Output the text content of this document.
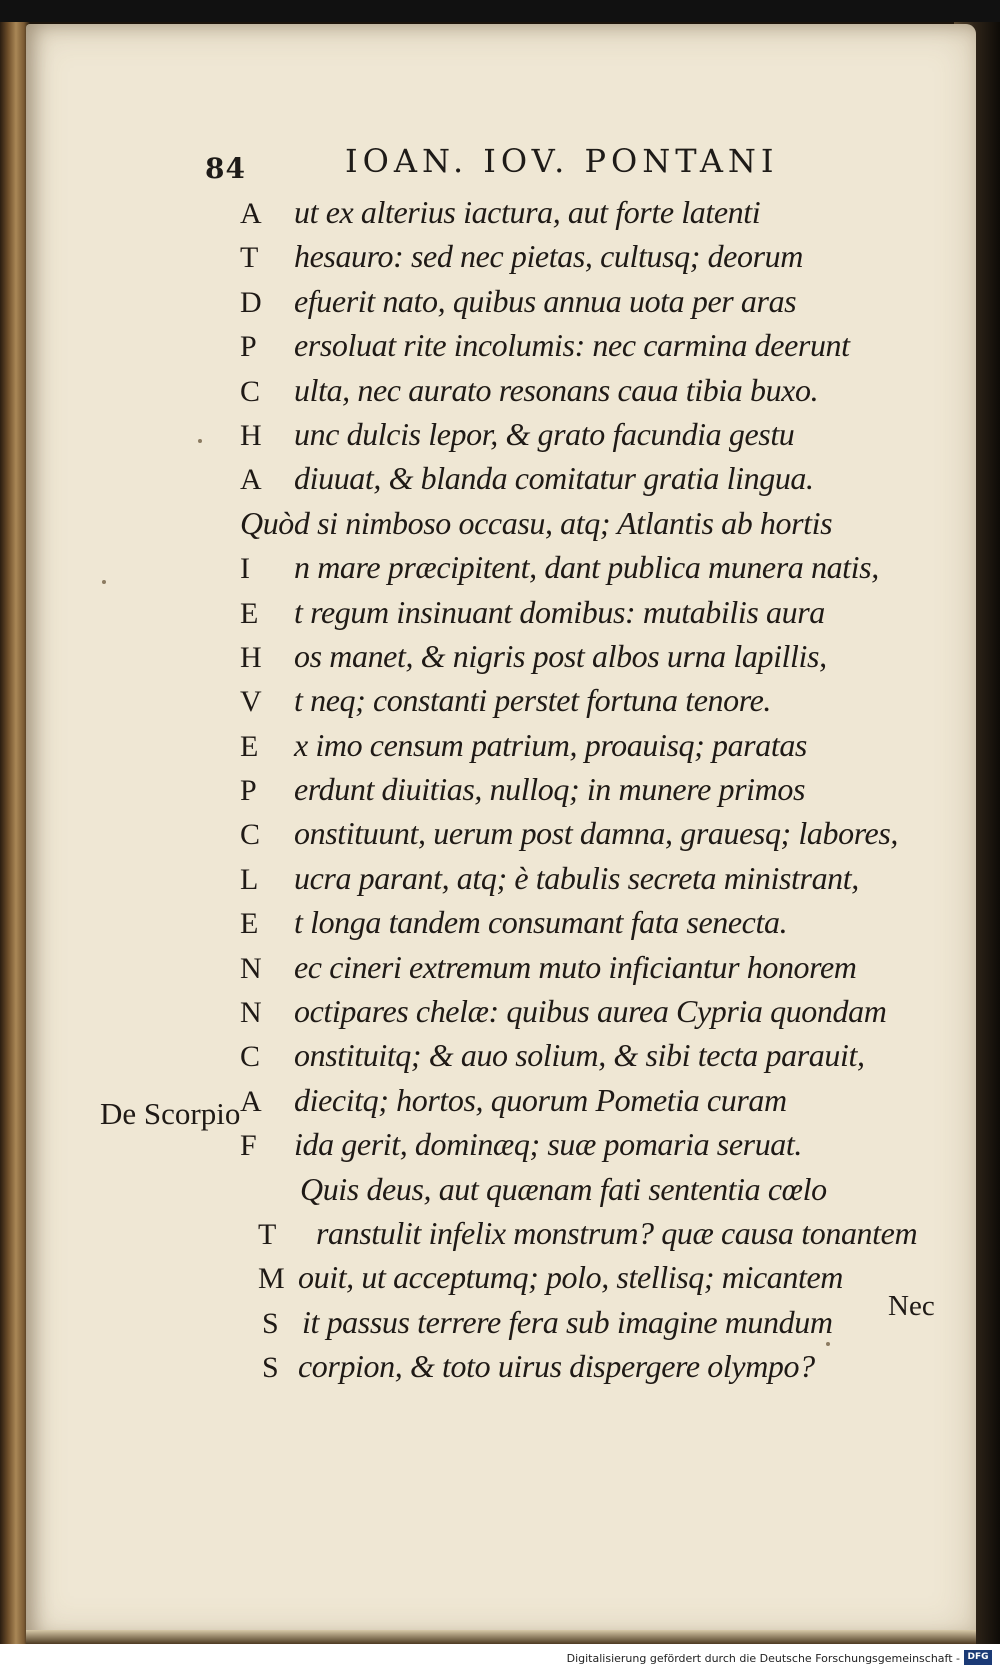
84	IOAN. IOV. PONTANI
A	ut ex alterius iactura, aut forte latenti
T	hesauro: sed nec pietas, cultusq; deorum
D	efuerit nato, quibus annua uota per aras
P	ersoluat rite incolumis: nec carmina deerunt
C	ulta, nec aurato resonans caua tibia buxo.
H	unc dulcis lepor, & grato facundia gestu
A	diuuat, & blanda comitatur gratia lingua.
Quòd si nimboso occasu, atq; Atlantis ab hortis
I	n mare præcipitent, dant publica munera natis,
E	t regum insinuant domibus: mutabilis aura
H	os manet, & nigris post albos urna lapillis,
V	t neq; constanti perstet fortuna tenore.
E	x imo censum patrium, proauisq; paratas
P	erdunt diuitias, nulloq; in munere primos
C	onstituunt, uerum post damna, grauesq; labores,
L	ucra parant, atq; è tabulis secreta ministrant,
E	t longa tandem consumant fata senecta.
N	ec cineri extremum muto inficiantur honorem
N	octipares chelæ: quibus aurea Cypria quondam
C	onstituitq; & auo solium, & sibi tecta parauit,
A	diecitq; hortos, quorum Pometia curam
F	ida gerit, dominæq; suæ pomaria seruat.
Quis deus, aut quænam fati sententia cœlo
T	ranstulit infelix monstrum? quæ causa tonantem
M ouit, ut acceptumq; polo, stellisq; micantem
S it passus terrere fera sub imagine mundum
S corpion, & toto uirus dispergere olympo?
De Scorpio
Nec
Digitalisierung gefördert durch die Deutsche Forschungsgemeinschaft - DFG
